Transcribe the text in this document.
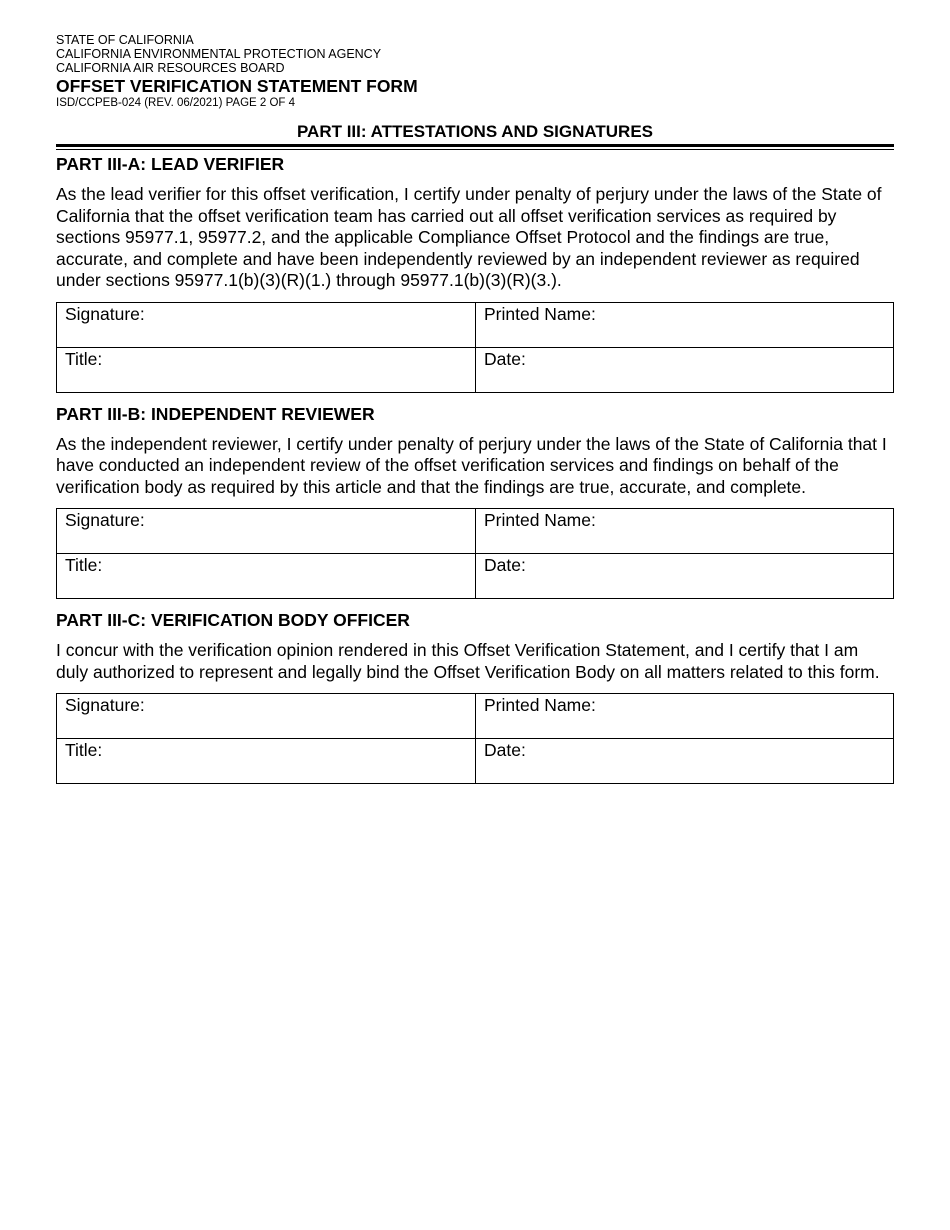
STATE OF CALIFORNIA

CALIFORNIA ENVIRONMENTAL PROTECTION AGENCY

CALIFORNIA AIR RESOURCES BOARD

OFFSET VERIFICATION STATEMENT FORM

ISD/CCPEB-024 (REV. 06/2021) PAGE 2 OF 4

PART III: ATTESTATIONS AND SIGNATURES

PART III-A: LEAD VERIFIER

As the lead verifier for this offset verification, I certify under penalty of perjury under the laws of the State of California that the offset verification team has carried out all offset verification services as required by sections 95977.1, 95977.2, and the applicable Compliance Offset Protocol and the findings are true, accurate, and complete and have been independently reviewed by an independent reviewer as required under sections 95977.1(b)(3)(R)(1.) through 95977.1(b)(3)(R)(3.).

Signature:	Printed Name:
Title:	Date:

PART III-B: INDEPENDENT REVIEWER

As the independent reviewer, I certify under penalty of perjury under the laws of the State of California that I have conducted an independent review of the offset verification services and findings on behalf of the verification body as required by this article and that the findings are true, accurate, and complete.

Signature:	Printed Name:
Title:	Date:

PART III-C: VERIFICATION BODY OFFICER

I concur with the verification opinion rendered in this Offset Verification Statement, and I certify that I am duly authorized to represent and legally bind the Offset Verification Body on all matters related to this form.

Signature:	Printed Name:
Title:	Date:
